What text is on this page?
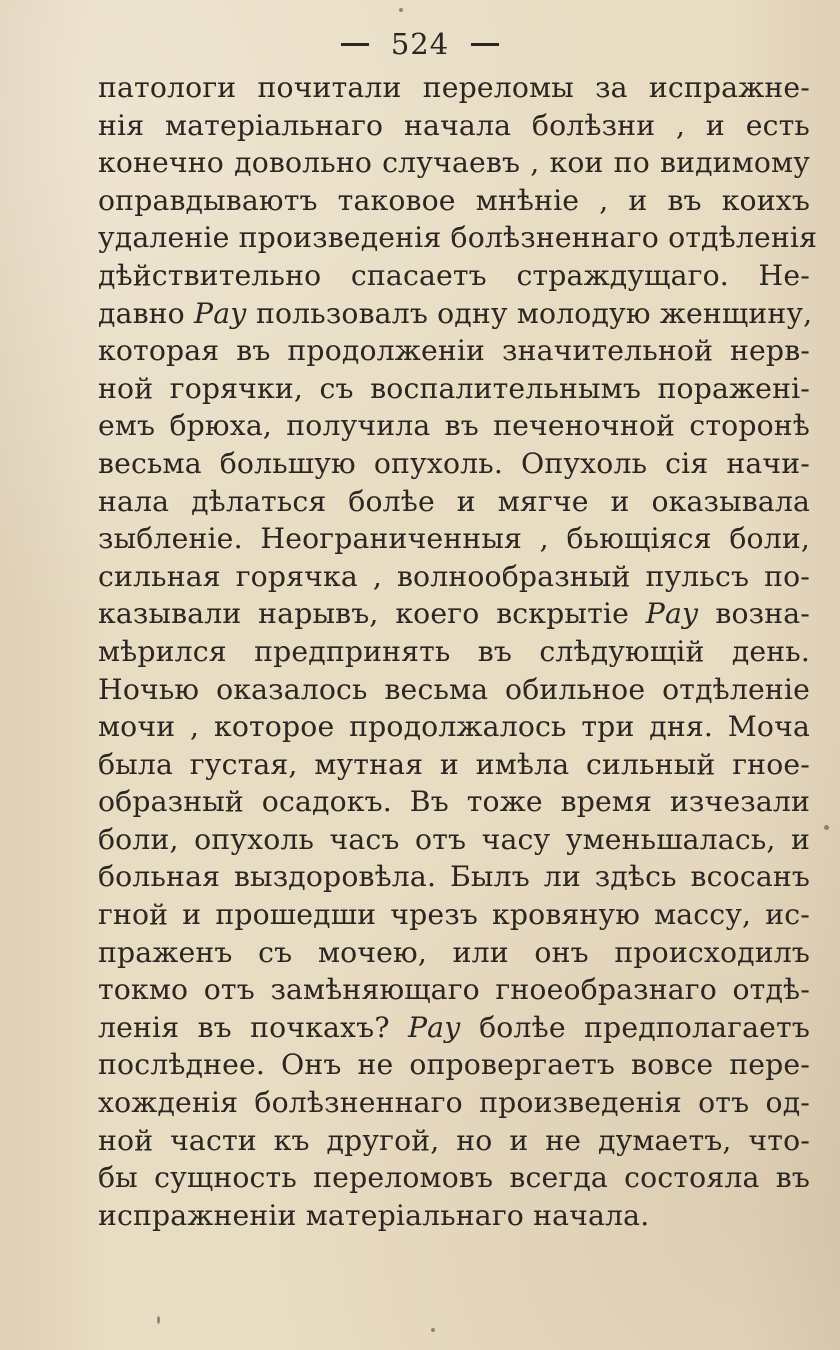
524
патологи почитали переломы за испражне-
нія матеріальнаго начала болѣзни , и есть
конечно довольно случаевъ , кои по видимому
оправдываютъ таковое мнѣніе , и въ коихъ
удаленіе произведенія болѣзненнаго отдѣленія
дѣйствительно спасаетъ страждущаго. Не-
давно Рау пользовалъ одну молодую женщину,
которая въ продолженіи значительной нерв-
ной горячки, съ воспалительнымъ поражені-
емъ брюха, получила въ печеночной сторонѣ
весьма большую опухоль. Опухоль сія начи-
нала дѣлаться болѣе и мягче и оказывала
зыбленіе. Неограниченныя , бьющіяся боли,
сильная горячка , волнообразный пульсъ по-
казывали нарывъ, коего вскрытіе Рау возна-
мѣрился предпринять въ слѣдующій день.
Ночью оказалось весьма обильное отдѣленіе
мочи , которое продолжалось три дня. Моча
была густая, мутная и имѣла сильный гное-
образный осадокъ. Въ тоже время изчезали
боли, опухоль часъ отъ часу уменьшалась, и
больная выздоровѣла. Былъ ли здѣсь всосанъ
гной и прошедши чрезъ кровяную массу, ис-
праженъ съ мочею, или онъ происходилъ
токмо отъ замѣняющаго гноеобразнаго отдѣ-
ленія въ почкахъ? Рау болѣе предполагаетъ
послѣднее. Онъ не опровергаетъ вовсе пере-
хожденія болѣзненнаго произведенія отъ од-
ной части къ другой, но и не думаетъ, что-
бы сущность переломовъ всегда состояла въ
испражненіи матеріальнаго начала.
